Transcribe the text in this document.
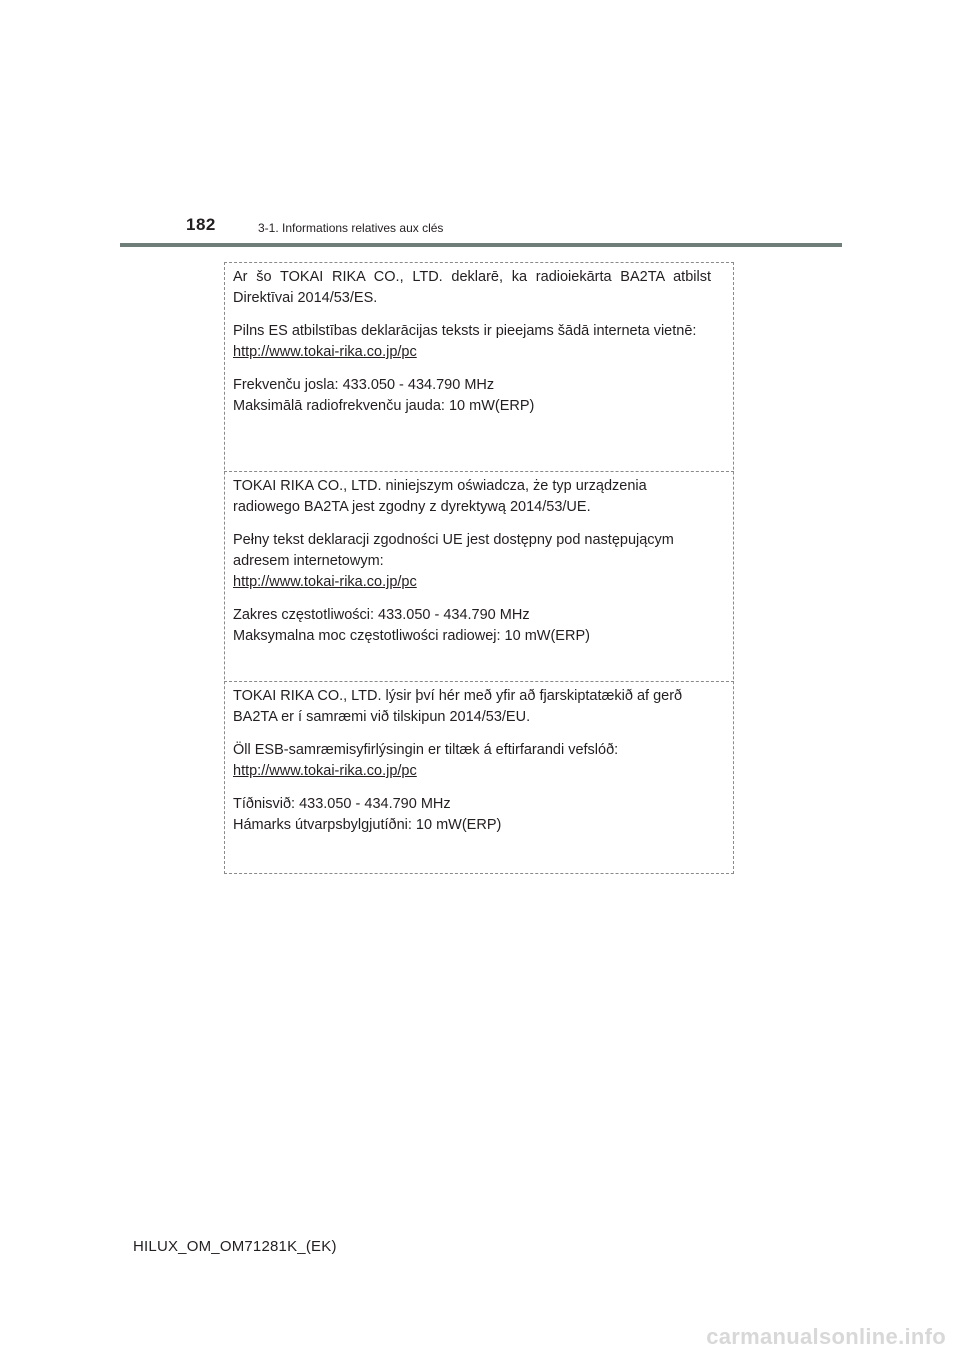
182	3-1. Informations relatives aux clés

Ar šo TOKAI RIKA CO., LTD. deklarē, ka radioiekārta BA2TA atbilst Direktīvai 2014/53/ES.

Pilns ES atbilstības deklarācijas teksts ir pieejams šādā interneta vietnē:

http://www.tokai-rika.co.jp/pc

Frekvenču josla: 433.050 - 434.790 MHz
Maksimālā radiofrekvenču jauda: 10 mW(ERP)

TOKAI RIKA CO., LTD. niniejszym oświadcza, że typ urządzenia radiowego BA2TA jest zgodny z dyrektywą 2014/53/UE.

Pełny tekst deklaracji zgodności UE jest dostępny pod następującym adresem internetowym:

http://www.tokai-rika.co.jp/pc

Zakres częstotliwości: 433.050 - 434.790 MHz
Maksymalna moc częstotliwości radiowej: 10 mW(ERP)

TOKAI RIKA CO., LTD. lýsir því hér með yfir að fjarskiptatækið af gerð BA2TA er í samræmi við tilskipun 2014/53/EU.

Öll ESB-samræmisyfirlýsingin er tiltæk á eftirfarandi vefslóð:

http://www.tokai-rika.co.jp/pc

Tíðnisvið: 433.050 - 434.790 MHz
Hámarks útvarpsbylgjutíðni: 10 mW(ERP)
HILUX_OM_OM71281K_(EK)
carmanualsonline.info
